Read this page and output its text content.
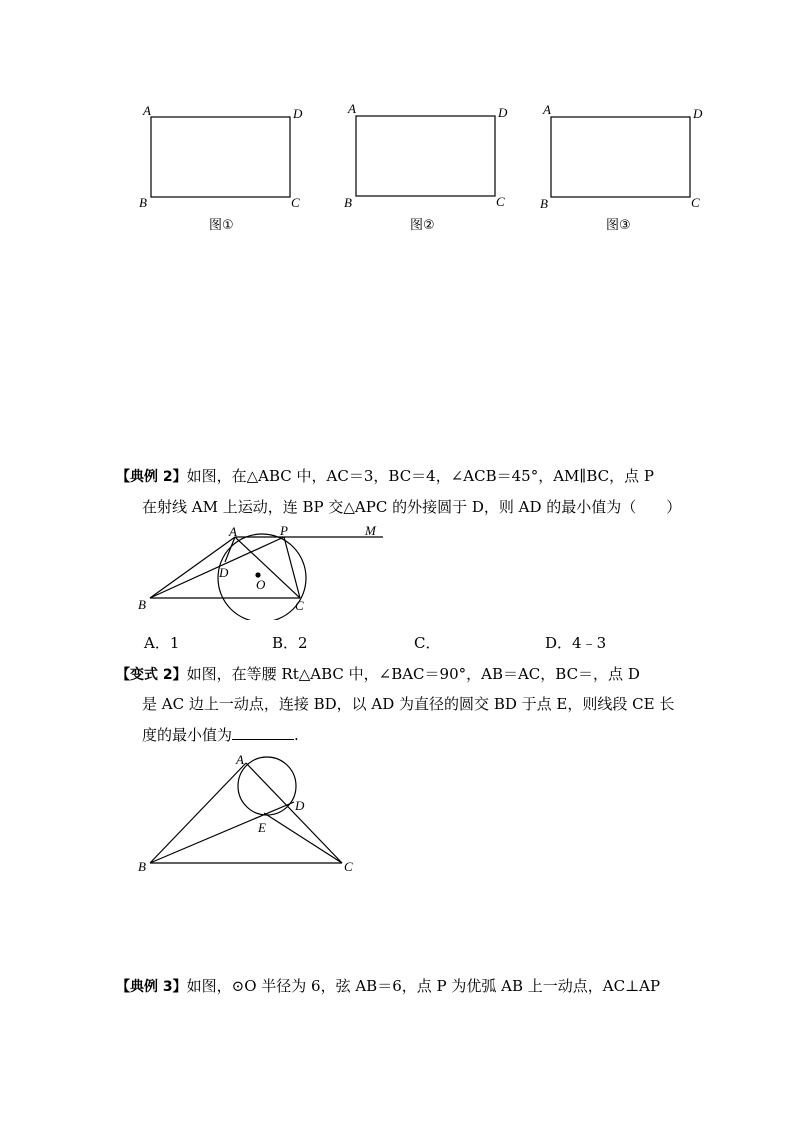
A	D
B	C
图①
A	D
B	C
图②
A	D
B	C
图③
【典例 2】如图，在△ABC 中，AC＝3，BC＝4，∠ACB＝45°，AM∥BC，点 P
在射线 AM 上运动，连 BP 交△APC 的外接圆于 D，则 AD 的最小值为（　　）
A	P	M
D
O
B	C
A．1	B．2	C．	D．4﹣3
【变式 2】如图，在等腰 Rt△ABC 中，∠BAC＝90°，AB＝AC，BC＝，点 D
是 AC 边上一动点，连接 BD，以 AD 为直径的圆交 BD 于点 E，则线段 CE 长
度的最小值为	.
A
D
E
B	C
【典例 3】如图，⊙O 半径为 6，弦 AB＝6，点 P 为优弧 AB 上一动点，AC⊥AP
